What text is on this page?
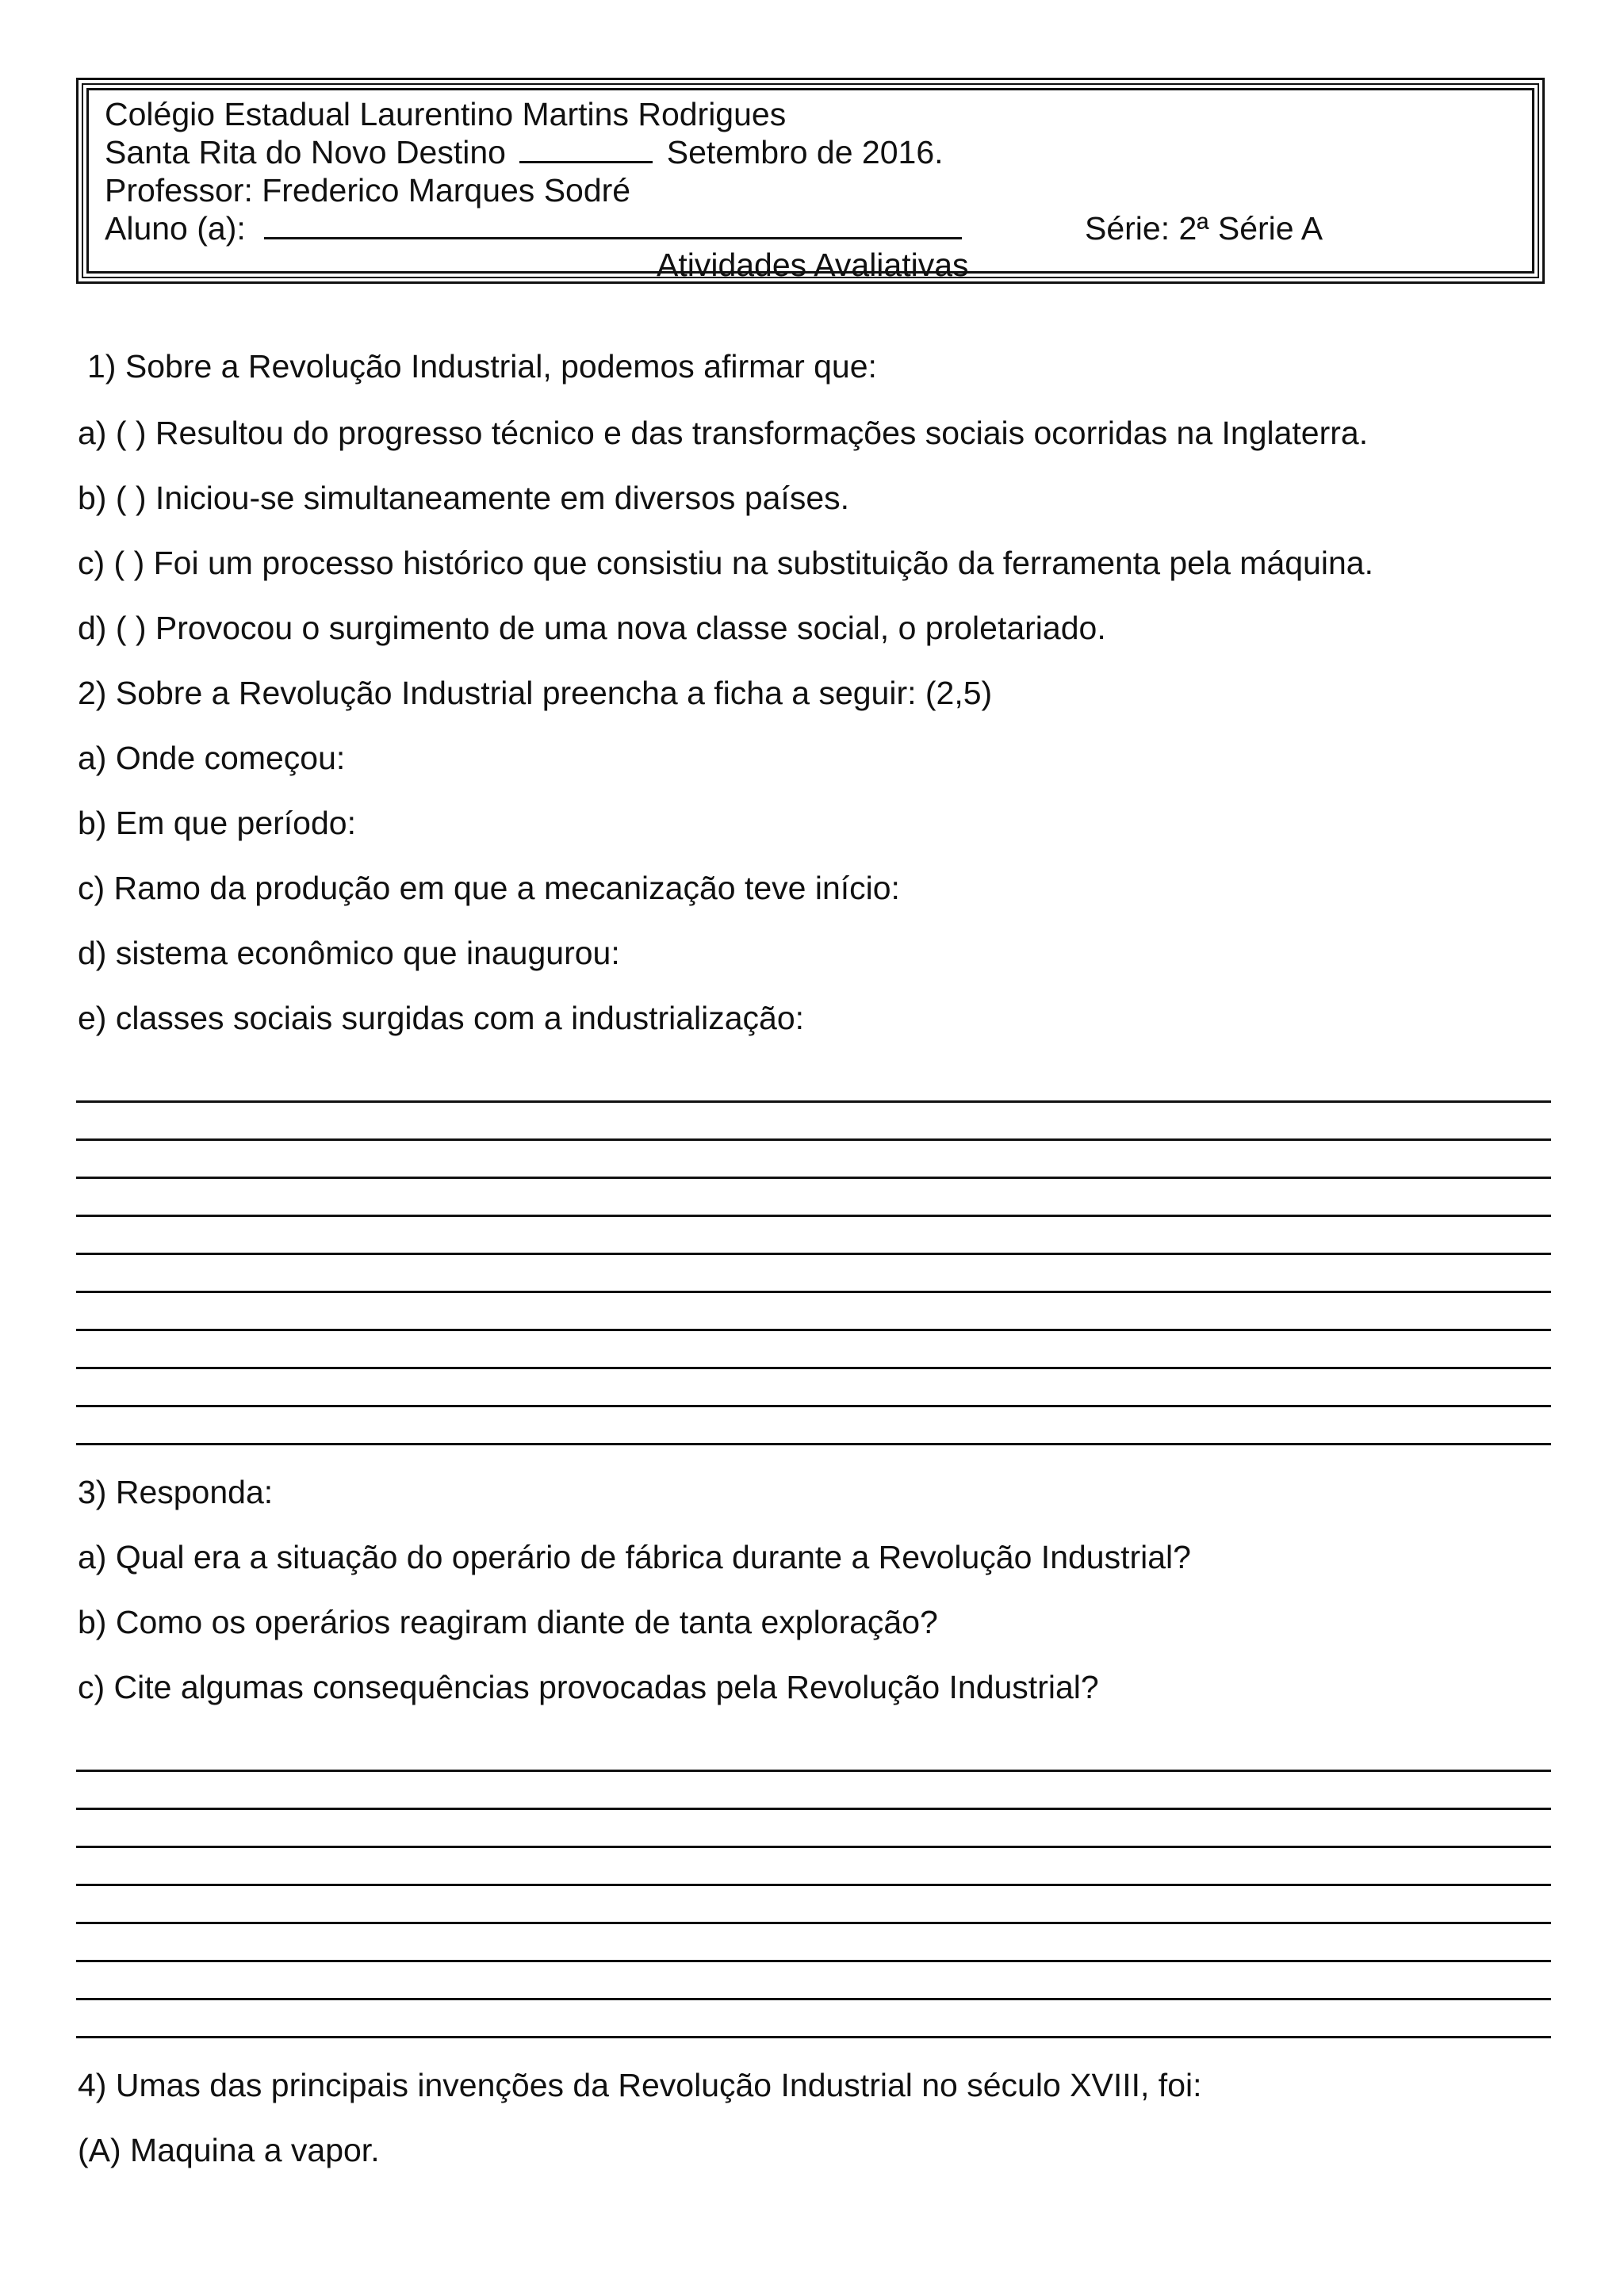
Colégio Estadual Laurentino Martins Rodrigues
Santa Rita do Novo Destino	Setembro de 2016.
Professor: Frederico Marques Sodré
Aluno (a):	Série: 2ª Série A
Atividades Avaliativas
1) Sobre a Revolução Industrial, podemos afirmar que:
a) ( ) Resultou do progresso técnico e das transformações sociais ocorridas na Inglaterra.
b) ( ) Iniciou-se simultaneamente em diversos países.
c) ( ) Foi um processo histórico que consistiu na substituição da ferramenta pela máquina.
d) ( ) Provocou o surgimento de uma nova classe social, o proletariado.
2) Sobre a Revolução Industrial preencha a ficha a seguir: (2,5)
a) Onde começou:
b) Em que período:
c) Ramo da produção em que a mecanização teve início:
d) sistema econômico que inaugurou:
e) classes sociais surgidas com a industrialização:
3) Responda:
a) Qual era a situação do operário de fábrica durante a Revolução Industrial?
b) Como os operários reagiram diante de tanta exploração?
c) Cite algumas consequências provocadas pela Revolução Industrial?
4) Umas das principais invenções da Revolução Industrial no século XVIII, foi:
(A) Maquina a vapor.
